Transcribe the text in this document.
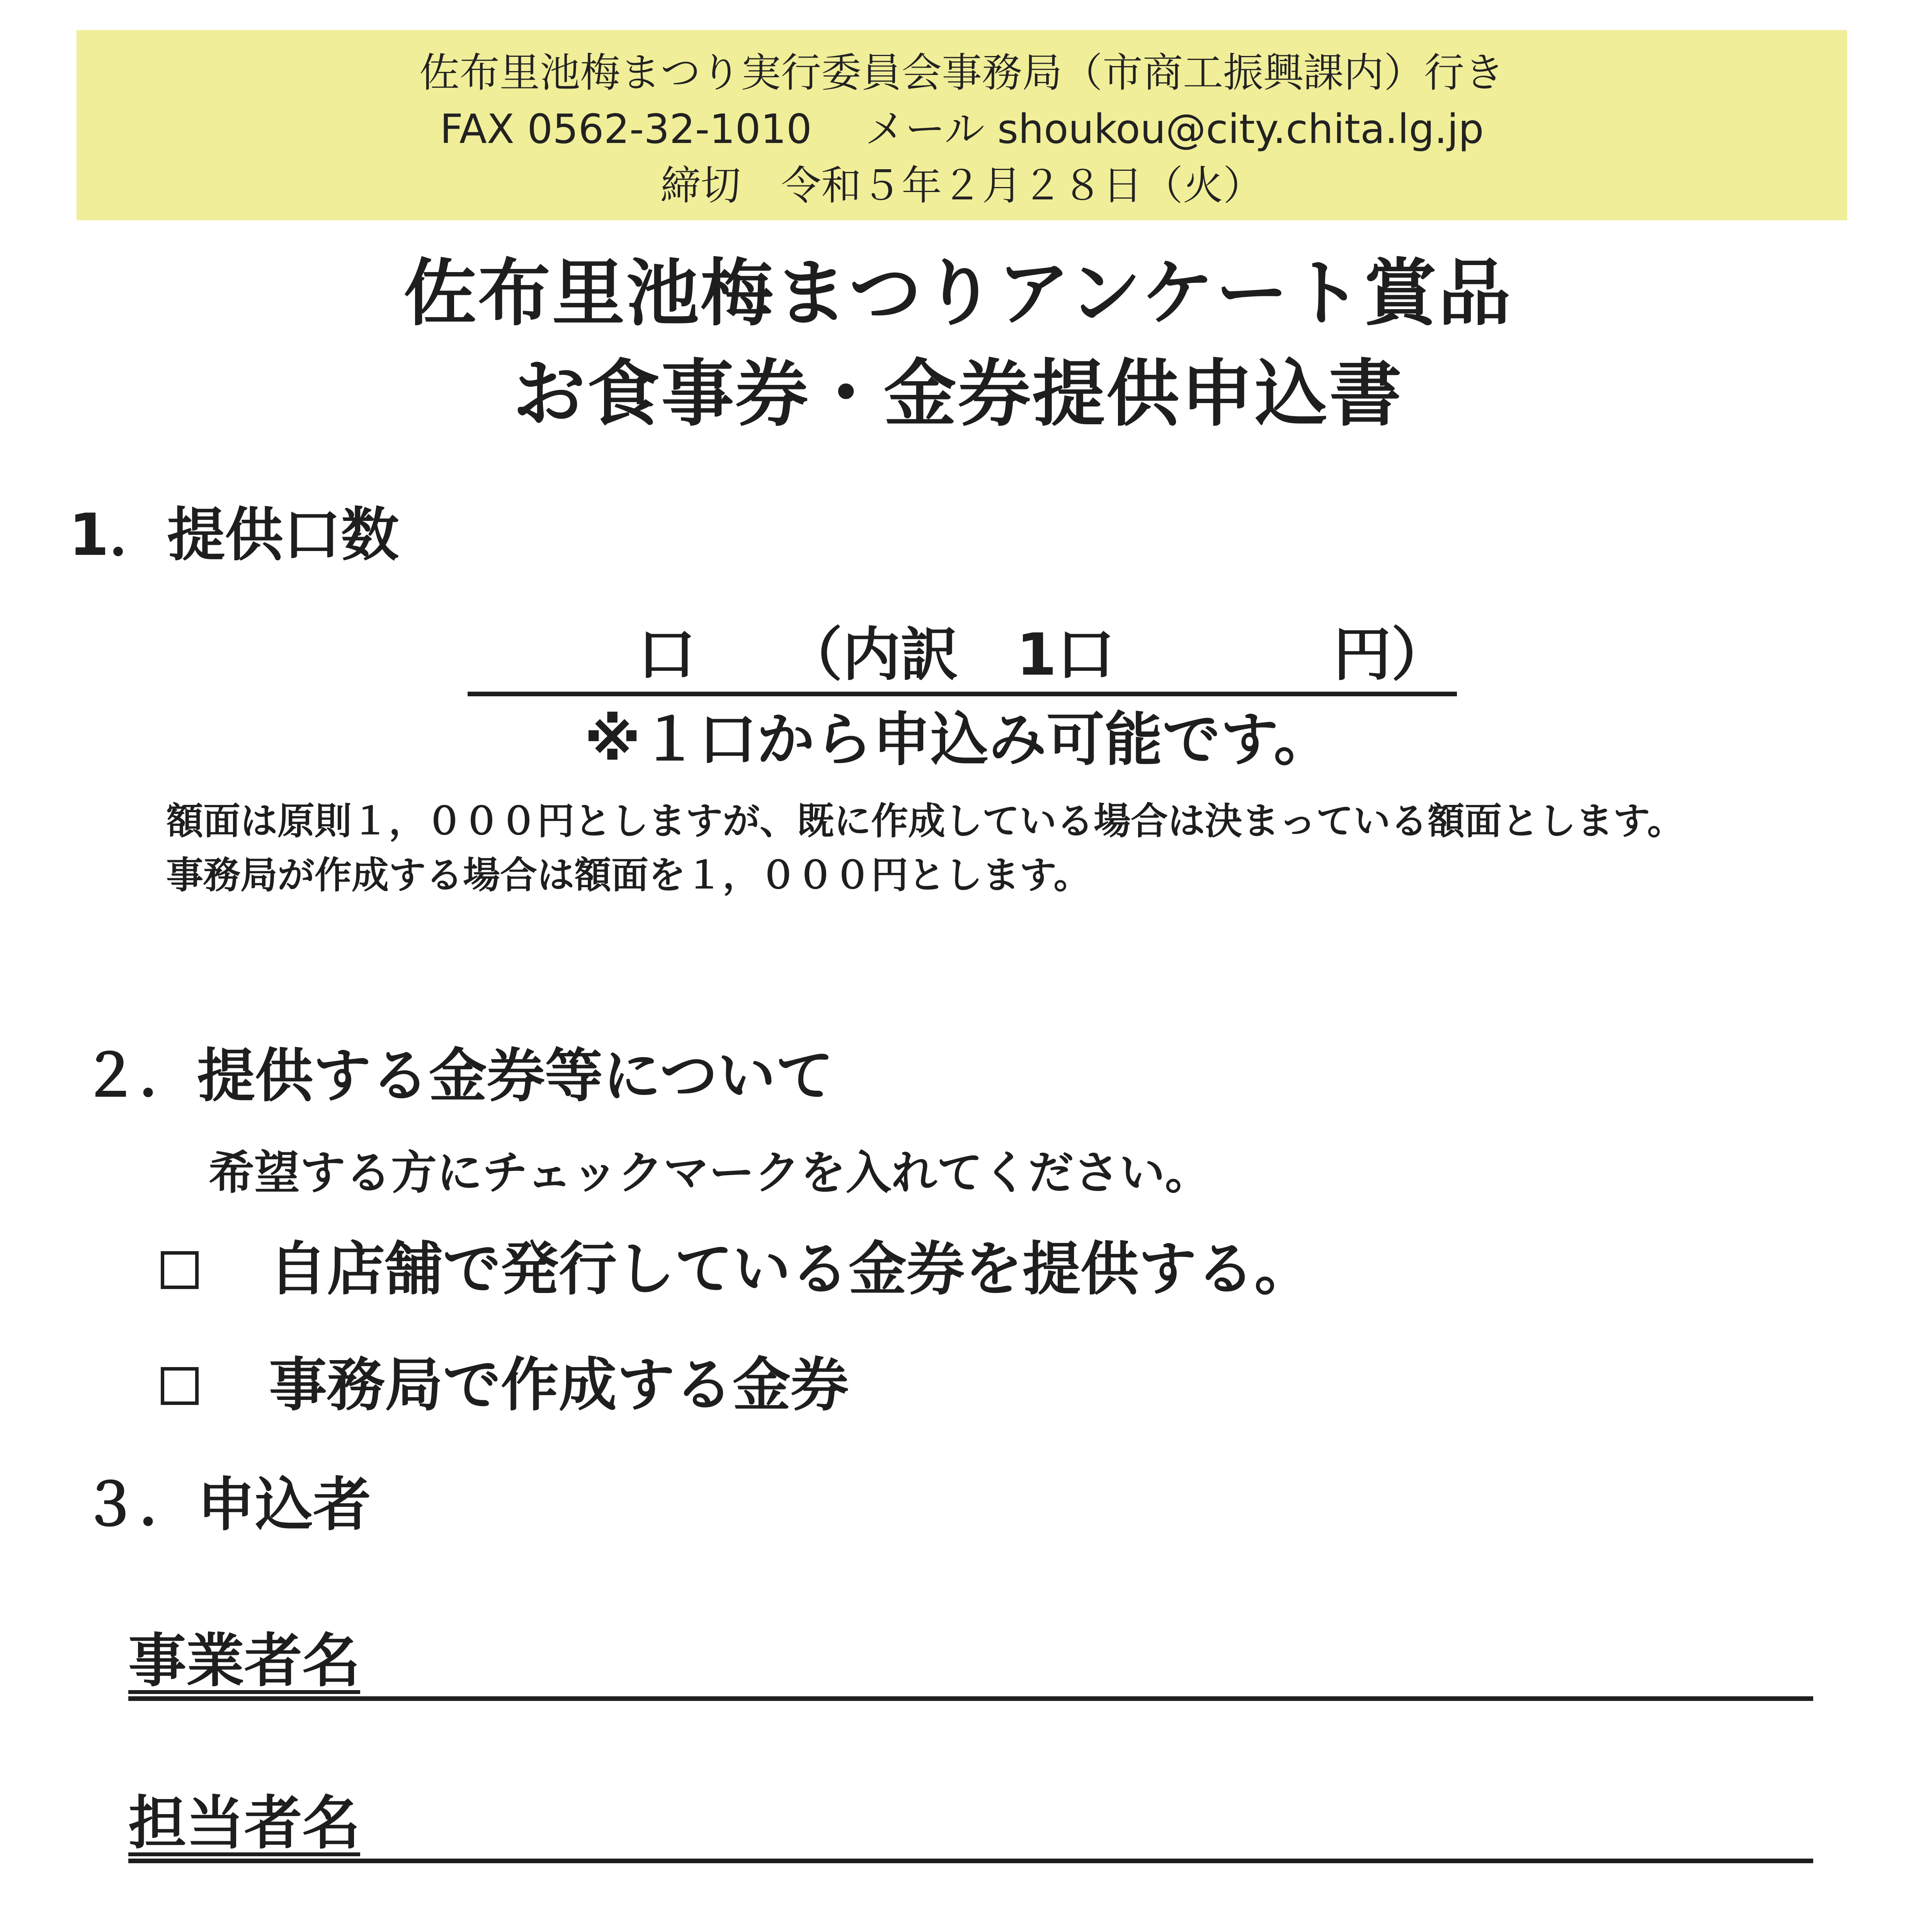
佐布里池梅まつり実行委員会事務局（市商工振興課内）行き
FAX 0562-32-1010　 メール shoukou@city.chita.lg.jp
締切　令和５年２月２８日（火）
佐布里池梅まつりアンケート賞品
お食事券・金券提供申込書
1．提供口数
口 （内訳　1口	円）
※１口から申込み可能です。
額面は原則１，０００円としますが、既に作成している場合は決まっている額面とします。
事務局が作成する場合は額面を１，０００円とします。
２．提供する金券等について
希望する方にチェックマークを入れてください。
自店舗で発行している金券を提供する。
事務局で作成する金券
３．申込者
事業者名
担当者名
